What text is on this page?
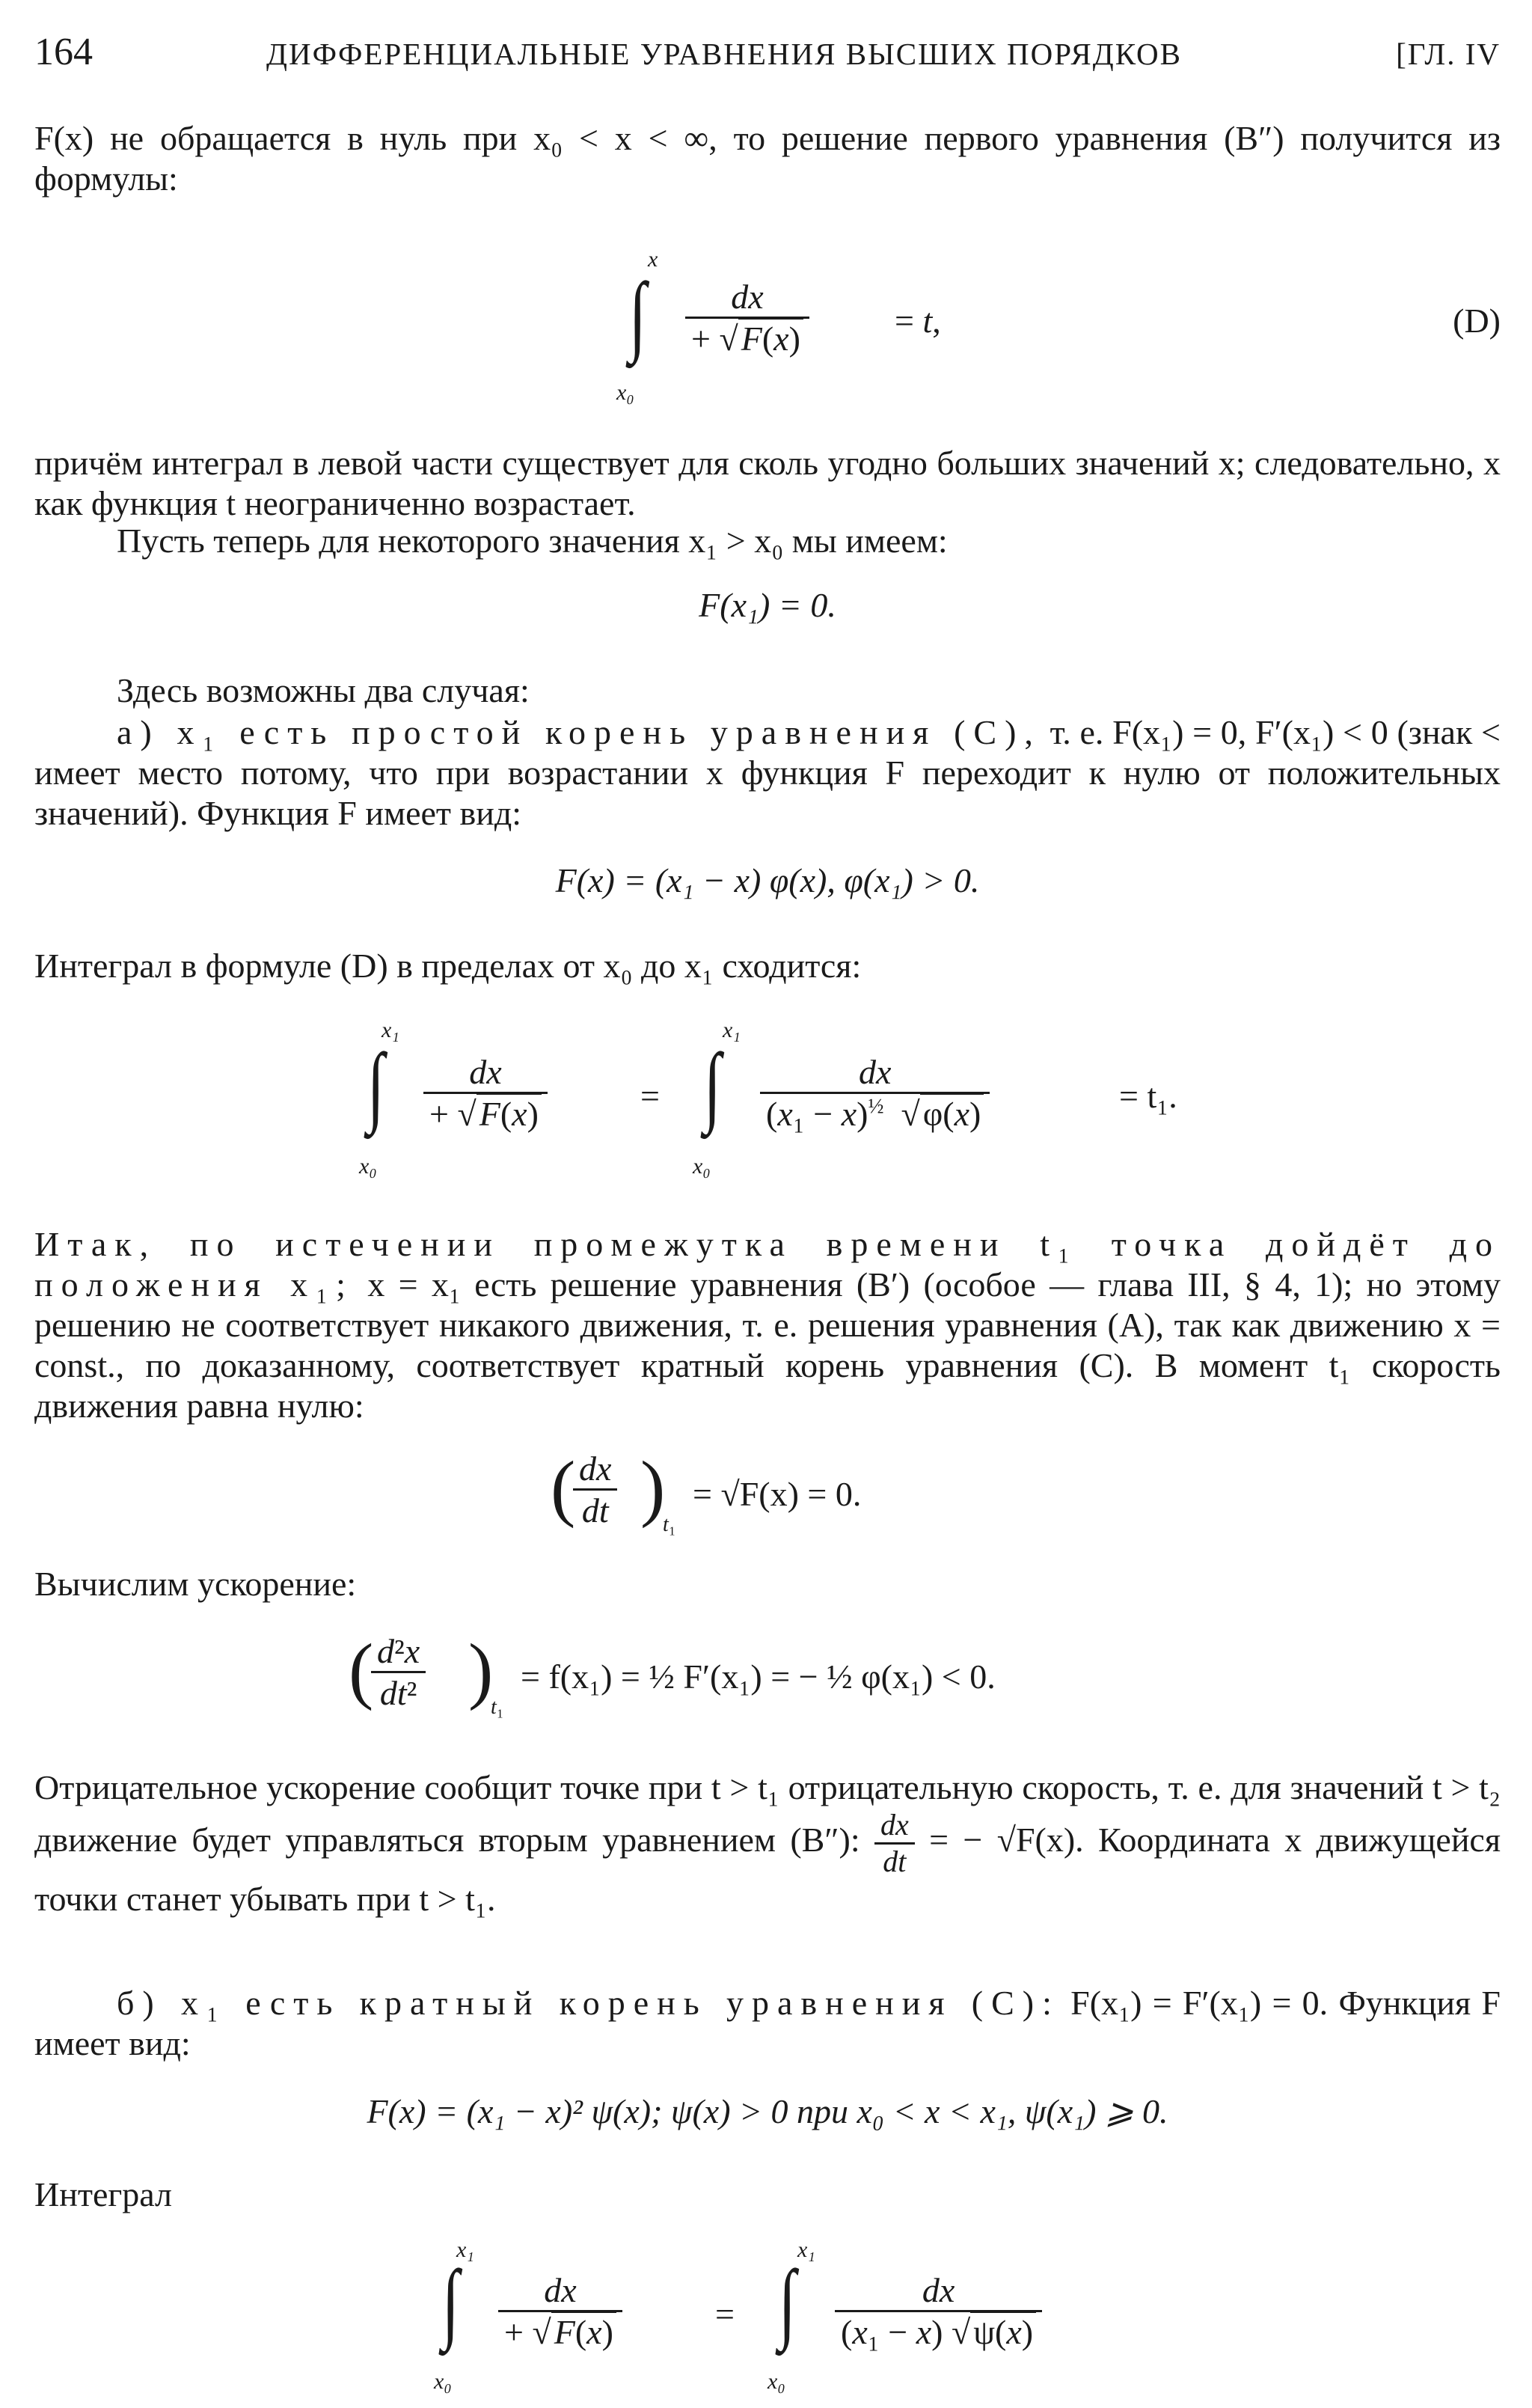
164	ДИФФЕРЕНЦИАЛЬНЫЕ УРАВНЕНИЯ ВЫСШИХ ПОРЯДКОВ	[ГЛ. IV

F(x) не обращается в нуль при x₀ < x < ∞, то решение первого уравнения (B″) получится из формулы:

x
∫
x₀
$\frac{dx}{+ √F(x)} = t$,	(D)

причём интеграл в левой части существует для сколь угодно больших значений x; следовательно, x как функция t неограниченно возрастает.

Пусть теперь для некоторого значения x₁ > x₀ мы имеем:

F(x₁) = 0.

Здесь возможны два случая:

а) x₁ есть простой корень уравнения (C), т. е. F(x₁) = 0, F′(x₁) < 0 (знак < имеет место потому, что при возрастании x функция F переходит к нулю от положительных значений). Функция F имеет вид:

F(x) = (x₁ − x) φ(x), φ(x₁) > 0.

Интеграл в формуле (D) в пределах от x₀ до x₁ сходится:

x₁
∫
x₀
$\frac{dx}{+ √F(x)}$	=
x₁
∫
x₀
$\frac{dx}{(x_1 - x)^{\frac{1}{2}} √\varphi(x)}$	= t₁.

Итак, по истечении промежутка времени t₁ точка дойдёт до положения x₁; x = x₁ есть решение уравнения (B′) (особое — глава III, § 4, 1); но этому решению не соответствует никакого движения, т. е. решения уравнения (A), так как движению x = const., по доказанному, соответствует кратный корень уравнения (C). В момент t₁ скорость движения равна нулю:

(
$\frac{dx}{dt}$ )
t₁
= √F(x) = 0.

Вычислим ускорение:

(
$\frac{\text{d²x}}{\text{dt²}}$ )
t₁
= f(x₁) = ½ F′(x₁) = − ½ φ(x₁) < 0.

Отрицательное ускорение сообщит точке при t > t₁ отрицательную скорость, т. е. для значений t > t₂ движение будет управляться вторым уравнением (B″): $\frac{dx}{dt}$ = − √F(x). Координата x движущейся точки станет убывать при t > t₁.

б) x₁ есть кратный корень уравнения (C): F(x₁) = F′(x₁) = 0. Функция F имеет вид:

F(x) = (x₁ − x)² ψ(x); ψ(x) > 0 при x₀ < x < x₁, ψ(x₁) ⩾ 0.

Интеграл

x₁
∫
x₀
$\frac{dx}{+ √F(x)}$	=
x₁
∫
x₀
$\frac{dx}{\text{(x₁ − x) √ψ(x)}}$
